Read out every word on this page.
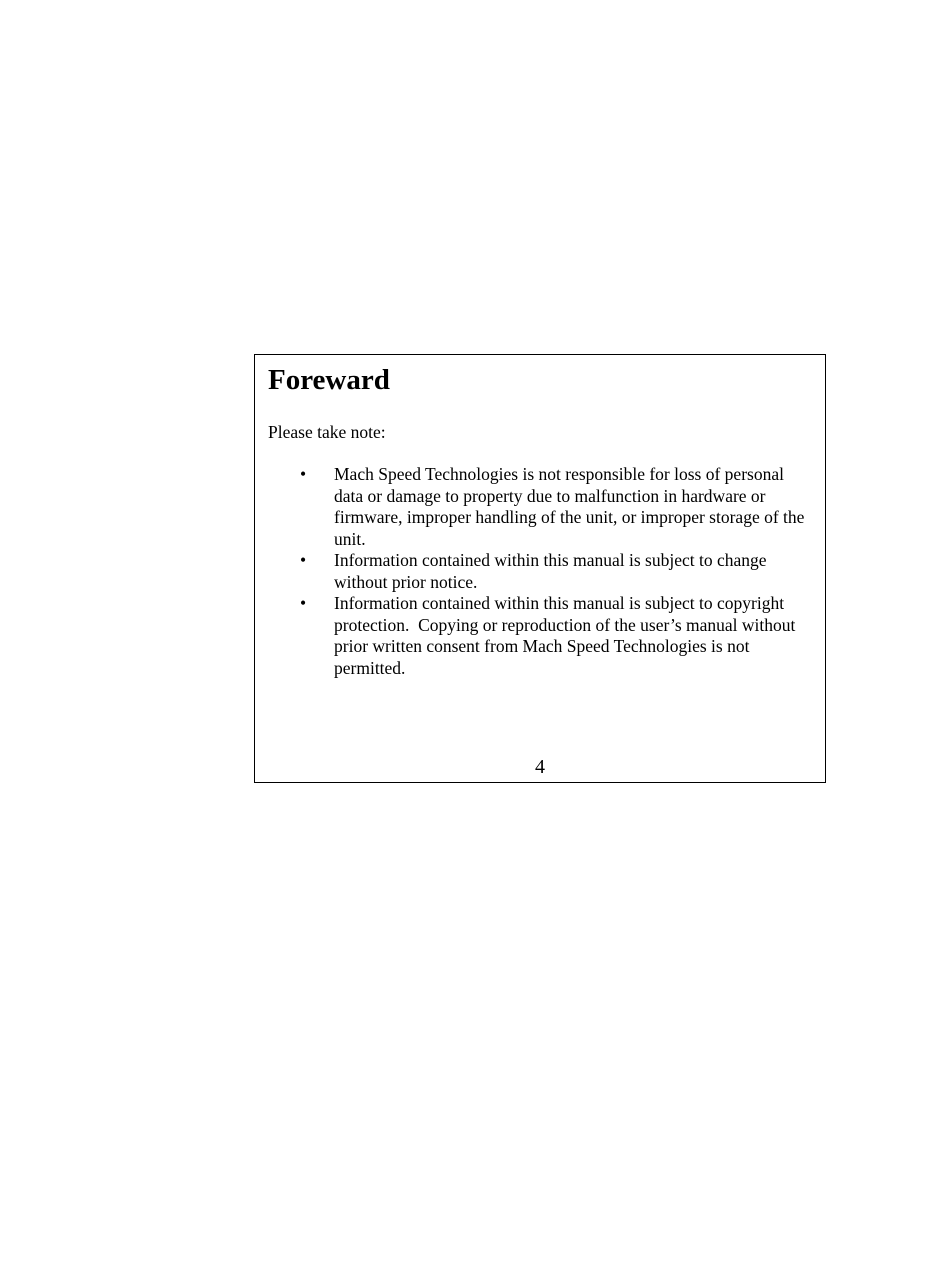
Foreward

Please take note:

• Mach Speed Technologies is not responsible for loss of personal data or damage to property due to malfunction in hardware or firmware, improper handling of the unit, or improper storage of the unit.
• Information contained within this manual is subject to change without prior notice.
• Information contained within this manual is subject to copyright protection.  Copying or reproduction of the user’s manual without prior written consent from Mach Speed Technologies is not permitted.
4
